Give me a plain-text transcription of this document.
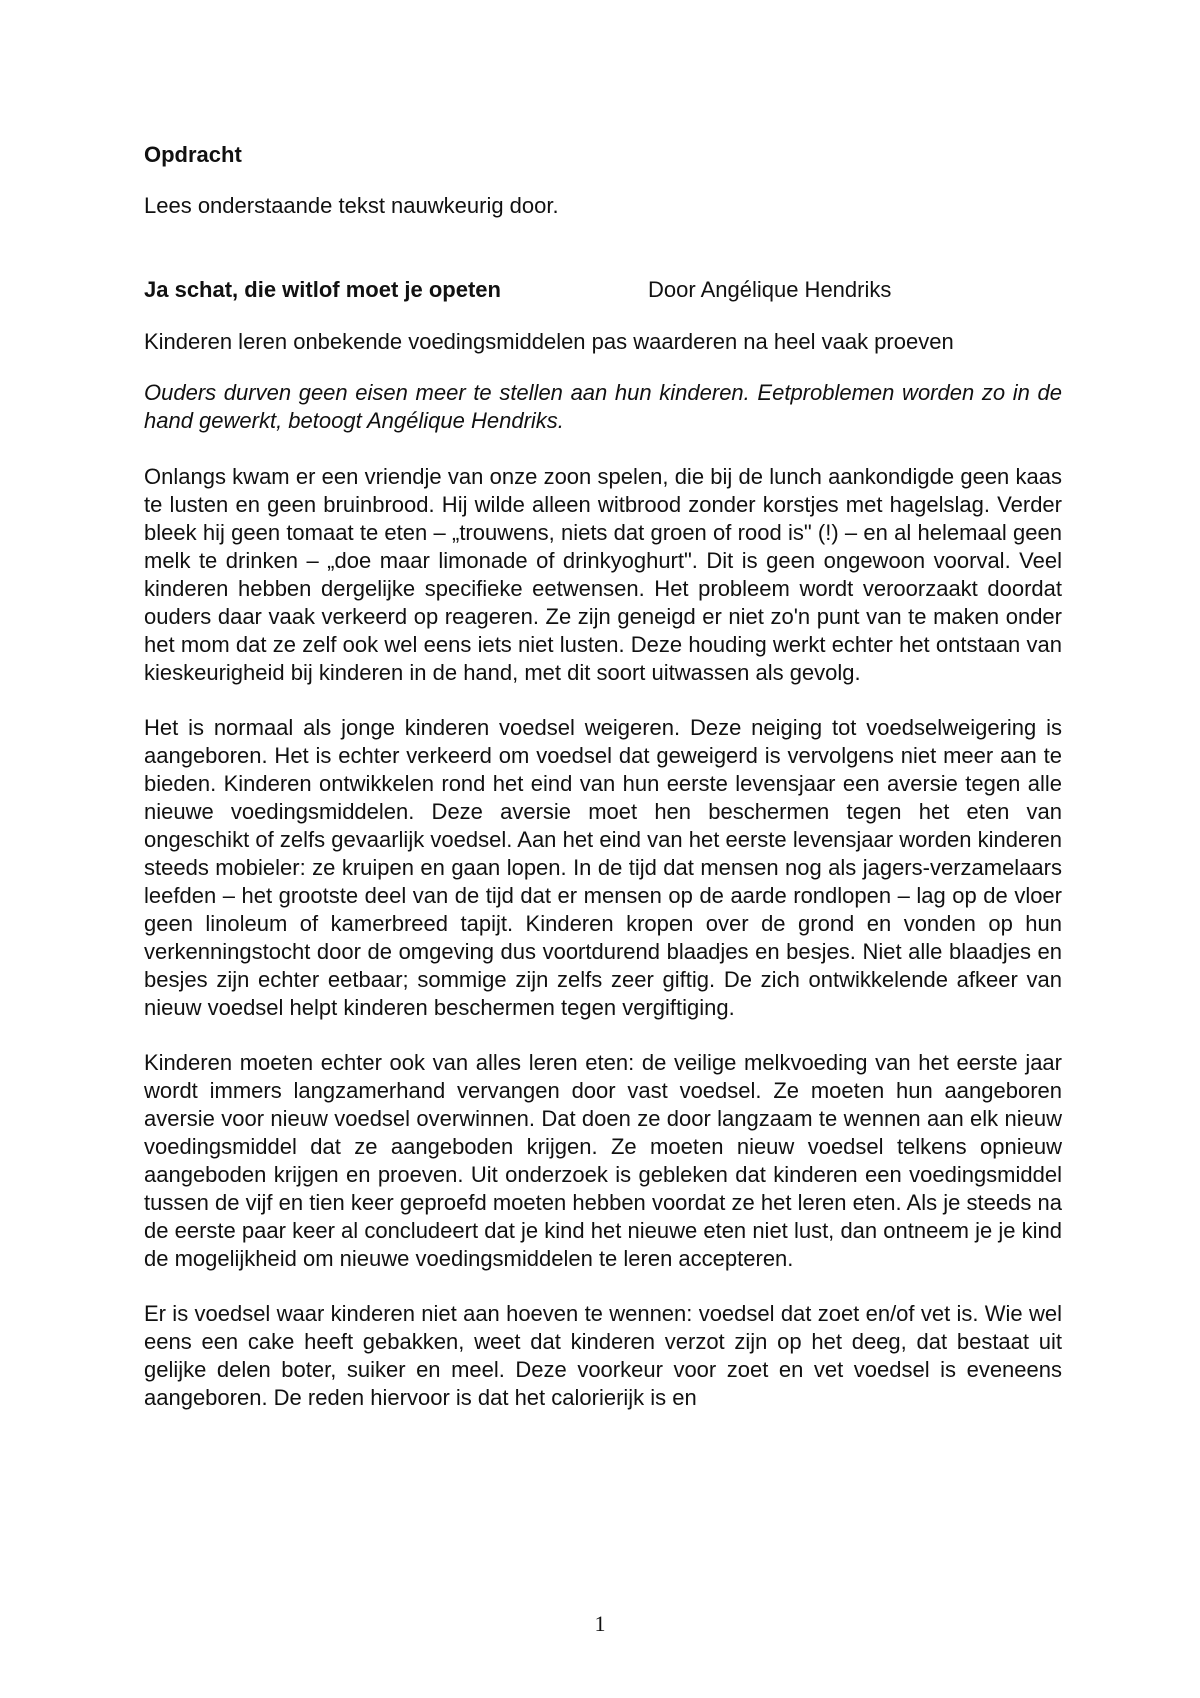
Opdracht
Lees onderstaande tekst nauwkeurig door.
Ja schat, die witlof moet je opeten	Door Angélique Hendriks
Kinderen leren onbekende voedingsmiddelen pas waarderen na heel vaak proeven
Ouders durven geen eisen meer te stellen aan hun kinderen. Eetproblemen worden zo in de hand gewerkt, betoogt Angélique Hendriks.
Onlangs kwam er een vriendje van onze zoon spelen, die bij de lunch aankondigde geen kaas te lusten en geen bruinbrood. Hij wilde alleen witbrood zonder korstjes met hagelslag. Verder bleek hij geen tomaat te eten – „trouwens, niets dat groen of rood is" (!) – en al helemaal geen melk te drinken – „doe maar limonade of drinkyoghurt". Dit is geen ongewoon voorval. Veel kinderen hebben dergelijke specifieke eetwensen. Het probleem wordt veroorzaakt doordat ouders daar vaak verkeerd op reageren. Ze zijn geneigd er niet zo'n punt van te maken onder het mom dat ze zelf ook wel eens iets niet lusten. Deze houding werkt echter het ontstaan van kieskeurigheid bij kinderen in de hand, met dit soort uitwassen als gevolg.
Het is normaal als jonge kinderen voedsel weigeren. Deze neiging tot voedselweigering is aangeboren. Het is echter verkeerd om voedsel dat geweigerd is vervolgens niet meer aan te bieden. Kinderen ontwikkelen rond het eind van hun eerste levensjaar een aversie tegen alle nieuwe voedingsmiddelen. Deze aversie moet hen beschermen tegen het eten van ongeschikt of zelfs gevaarlijk voedsel. Aan het eind van het eerste levensjaar worden kinderen steeds mobieler: ze kruipen en gaan lopen. In de tijd dat mensen nog als jagers-verzamelaars leefden – het grootste deel van de tijd dat er mensen op de aarde rondlopen – lag op de vloer geen linoleum of kamerbreed tapijt. Kinderen kropen over de grond en vonden op hun verkenningstocht door de omgeving dus voortdurend blaadjes en besjes. Niet alle blaadjes en besjes zijn echter eetbaar; sommige zijn zelfs zeer giftig. De zich ontwikkelende afkeer van nieuw voedsel helpt kinderen beschermen tegen vergiftiging.
Kinderen moeten echter ook van alles leren eten: de veilige melkvoeding van het eerste jaar wordt immers langzamerhand vervangen door vast voedsel. Ze moeten hun aangeboren aversie voor nieuw voedsel overwinnen. Dat doen ze door langzaam te wennen aan elk nieuw voedingsmiddel dat ze aangeboden krijgen. Ze moeten nieuw voedsel telkens opnieuw aangeboden krijgen en proeven. Uit onderzoek is gebleken dat kinderen een voedingsmiddel tussen de vijf en tien keer geproefd moeten hebben voordat ze het leren eten. Als je steeds na de eerste paar keer al concludeert dat je kind het nieuwe eten niet lust, dan ontneem je je kind de mogelijkheid om nieuwe voedingsmiddelen te leren accepteren.
Er is voedsel waar kinderen niet aan hoeven te wennen: voedsel dat zoet en/of vet is. Wie wel eens een cake heeft gebakken, weet dat kinderen verzot zijn op het deeg, dat bestaat uit gelijke delen boter, suiker en meel. Deze voorkeur voor zoet en vet voedsel is eveneens aangeboren. De reden hiervoor is dat het calorierijk is en
1
